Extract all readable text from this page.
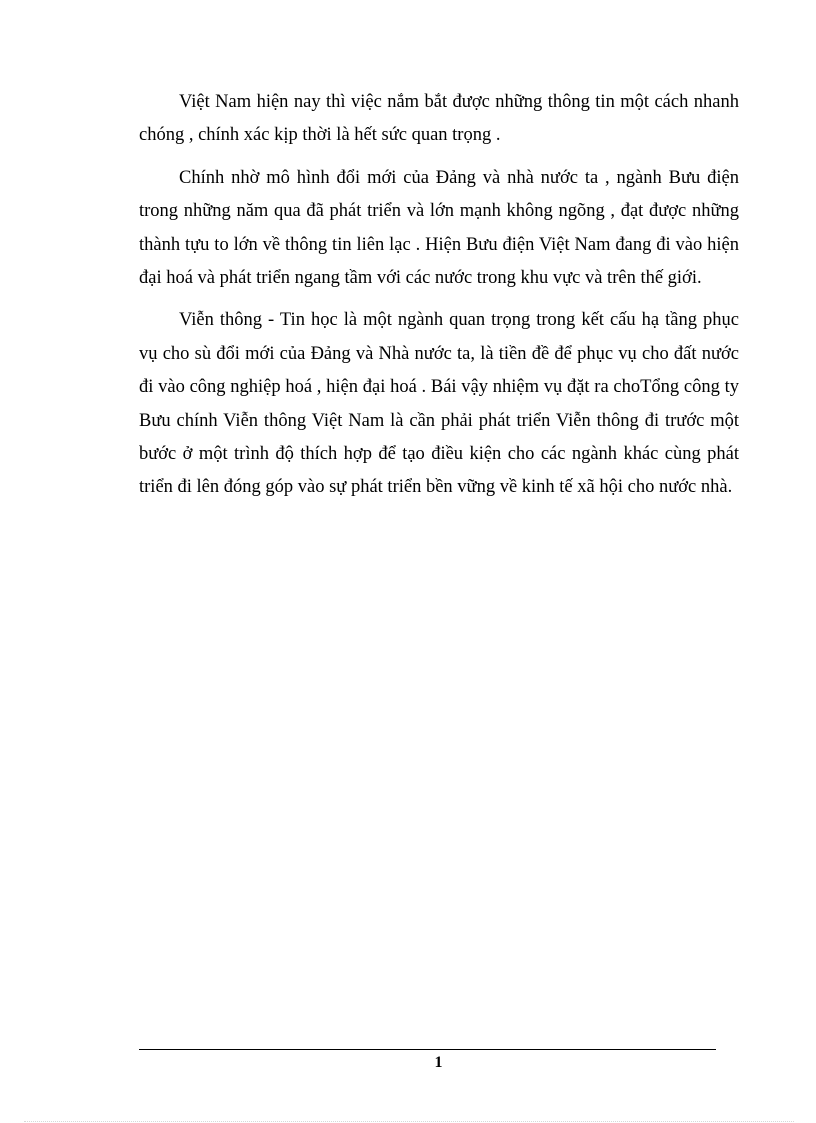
Việt Nam hiện nay thì việc nắm bắt được những thông tin một cách nhanh chóng , chính xác kịp thời là hết sức quan trọng .

Chính nhờ mô hình đổi mới của Đảng và nhà nước ta , ngành Bưu điện trong những năm qua đã phát triển và lớn mạnh không ngõng , đạt được những thành tựu to lớn về thông tin liên lạc . Hiện Bưu điện Việt Nam đang đi vào hiện đại hoá và phát triển ngang tầm với các nước trong khu vực và trên thế giới.

Viễn thông - Tin học là một ngành quan trọng trong kết cấu hạ tầng phục vụ cho sù đổi mới của Đảng và Nhà nước ta, là tiền đề để phục vụ cho đất nước đi vào công nghiệp hoá , hiện đại hoá . Bái vậy nhiệm vụ đặt ra choTổng công ty Bưu chính Viễn thông Việt Nam là cần phải phát triển Viễn thông đi trước một bước ở một trình độ thích hợp để tạo điều kiện cho các ngành khác cùng phát triển đi lên đóng góp vào sự phát triển bền vững về kinh tế xã hội cho nước nhà.

1
